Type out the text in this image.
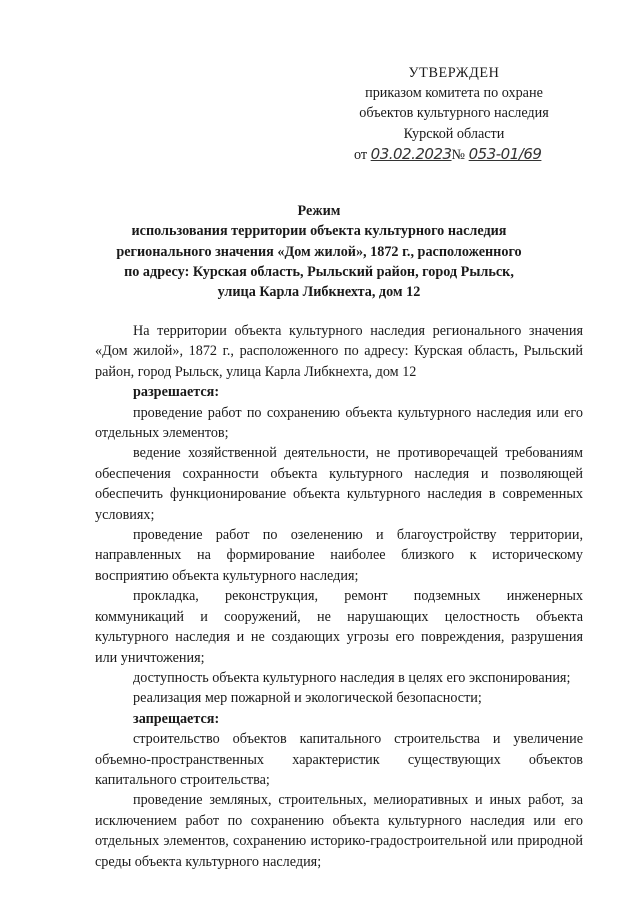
УТВЕРЖДЕН
приказом комитета по охране
объектов культурного наследия
Курской области
от 03.02.2023№ 053-01/69
Режим
использования территории объекта культурного наследия
регионального значения «Дом жилой», 1872 г., расположенного
по адресу: Курская область, Рыльский район, город Рыльск,
улица Карла Либкнехта, дом 12

На территории объекта культурного наследия регионального значения «Дом жилой», 1872 г., расположенного по адресу: Курская область, Рыльский район, город Рыльск, улица Карла Либкнехта, дом 12

разрешается:

проведение работ по сохранению объекта культурного наследия или его отдельных элементов;

ведение хозяйственной деятельности, не противоречащей требованиям обеспечения сохранности объекта культурного наследия и позволяющей обеспечить функционирование объекта культурного наследия в современных условиях;

проведение работ по озеленению и благоустройству территории, направленных на формирование наиболее близкого к историческому восприятию объекта культурного наследия;

прокладка, реконструкция, ремонт подземных инженерных коммуникаций и сооружений, не нарушающих целостность объекта культурного наследия и не создающих угрозы его повреждения, разрушения или уничтожения;

доступность объекта культурного наследия в целях его экспонирования;

реализация мер пожарной и экологической безопасности;

запрещается:

строительство объектов капитального строительства и увеличение объемно-пространственных характеристик существующих объектов капитального строительства;

проведение земляных, строительных, мелиоративных и иных работ, за исключением работ по сохранению объекта культурного наследия или его отдельных элементов, сохранению историко-градостроительной или природной среды объекта культурного наследия;
